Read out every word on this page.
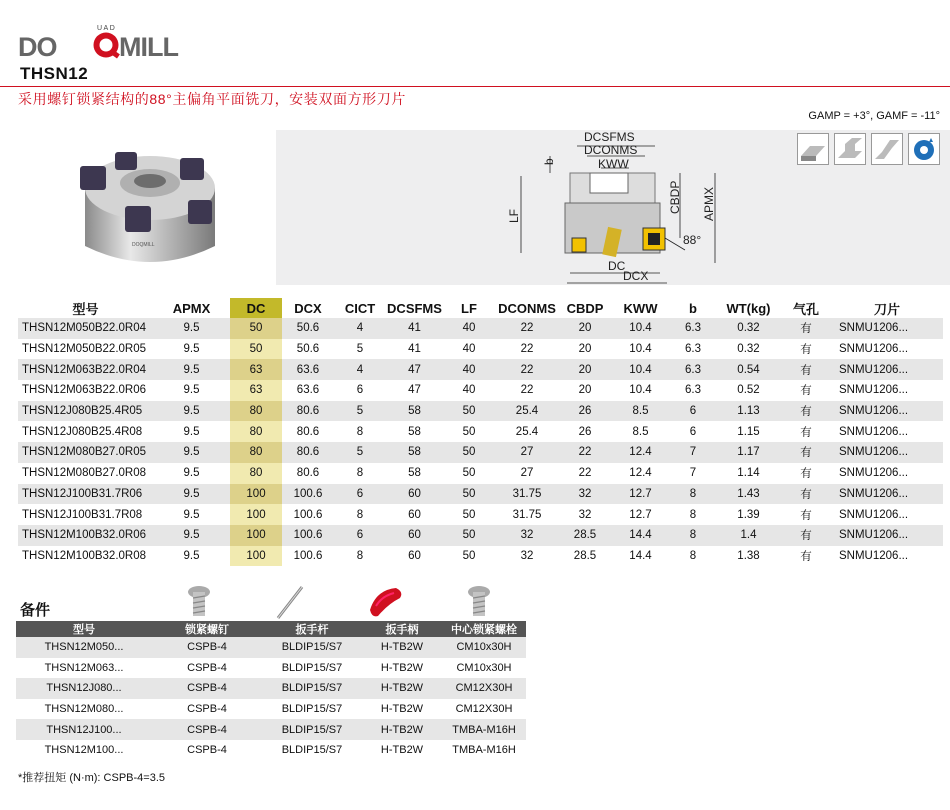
DO MILL
UAD
THSN12
采用螺钉锁紧结构的88°主偏角平面铣刀，安装双面方形刀片
GAMP = +3°, GAMF = -11°
DOQMILL
DCSFMS
DCONMS
KWW
b
LF
CBDP APMX
88°
DC
DCX
型号	APMX	DC	DCX	CICT	DCSFMS	LF	DCONMS	CBDP	KWW	b	WT(kg)	气孔	刀片
THSN12M050B22.0R04	9.5	50	50.6	4	41	40	22	20	10.4	6.3	0.32	有	SNMU1206...
THSN12M050B22.0R05	9.5	50	50.6	5	41	40	22	20	10.4	6.3	0.32	有	SNMU1206...
THSN12M063B22.0R04	9.5	63	63.6	4	47	40	22	20	10.4	6.3	0.54	有	SNMU1206...
THSN12M063B22.0R06	9.5	63	63.6	6	47	40	22	20	10.4	6.3	0.52	有	SNMU1206...
THSN12J080B25.4R05	9.5	80	80.6	5	58	50	25.4	26	8.5	6	1.13	有	SNMU1206...
THSN12J080B25.4R08	9.5	80	80.6	8	58	50	25.4	26	8.5	6	1.15	有	SNMU1206...
THSN12M080B27.0R05	9.5	80	80.6	5	58	50	27	22	12.4	7	1.17	有	SNMU1206...
THSN12M080B27.0R08	9.5	80	80.6	8	58	50	27	22	12.4	7	1.14	有	SNMU1206...
THSN12J100B31.7R06	9.5	100	100.6	6	60	50	31.75	32	12.7	8	1.43	有	SNMU1206...
THSN12J100B31.7R08	9.5	100	100.6	8	60	50	31.75	32	12.7	8	1.39	有	SNMU1206...
THSN12M100B32.0R06	9.5	100	100.6	6	60	50	32	28.5	14.4	8	1.4	有	SNMU1206...
THSN12M100B32.0R08	9.5	100	100.6	8	60	50	32	28.5	14.4	8	1.38	有	SNMU1206...
备件
型号	锁紧螺钉	扳手杆	扳手柄	中心锁紧螺栓
THSN12M050...	CSPB-4	BLDIP15/S7	H-TB2W	CM10x30H
THSN12M063...	CSPB-4	BLDIP15/S7	H-TB2W	CM10x30H
THSN12J080...	CSPB-4	BLDIP15/S7	H-TB2W	CM12X30H
THSN12M080...	CSPB-4	BLDIP15/S7	H-TB2W	CM12X30H
THSN12J100...	CSPB-4	BLDIP15/S7	H-TB2W	TMBA-M16H
THSN12M100...	CSPB-4	BLDIP15/S7	H-TB2W	TMBA-M16H
*推荐扭矩 (N·m): CSPB-4=3.5
